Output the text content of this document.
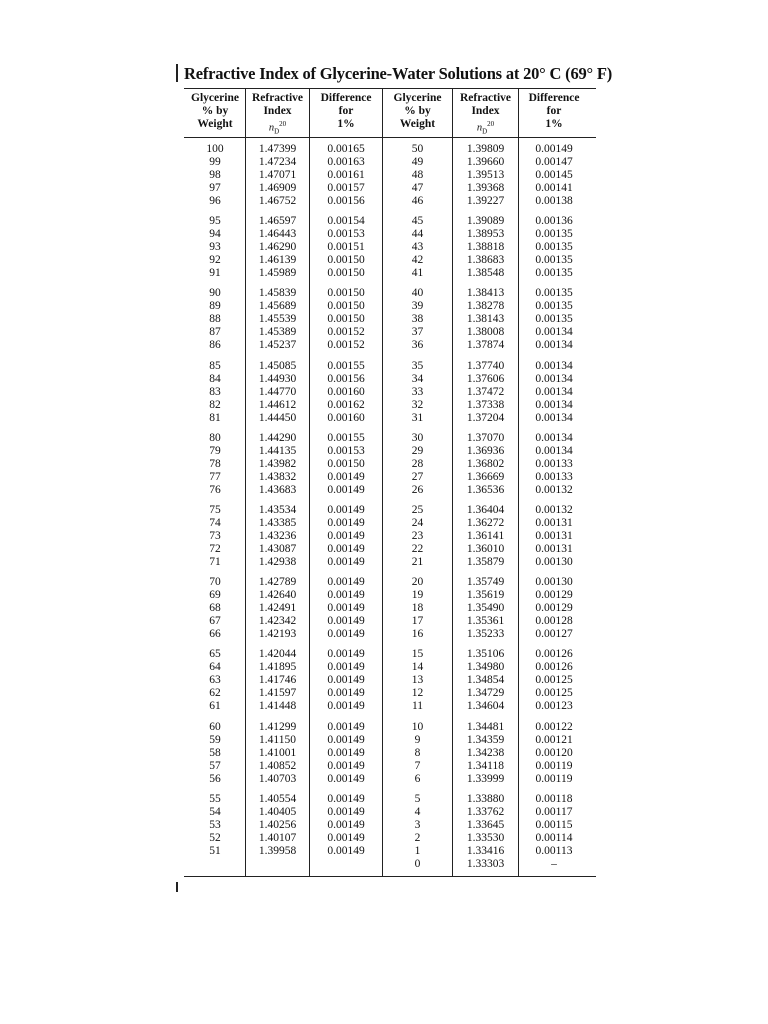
Refractive Index of Glycerine-Water Solutions at 20° C (69° F)
Glycerine
% by
Weight
Refractive
Index
$n_D^{20}$
Difference
for
1%
Glycerine
% by
Weight
Refractive
Index
$n_D^{20}$
Difference
for
1%
100
99
98
97
96
95
94
93
92
91
90
89
88
87
86
85
84
83
82
81
80
79
78
77
76
75
74
73
72
71
70
69
68
67
66
65
64
63
62
61
60
59
58
57
56
55
54
53
52
51
1.47399
1.47234
1.47071
1.46909
1.46752
1.46597
1.46443
1.46290
1.46139
1.45989
1.45839
1.45689
1.45539
1.45389
1.45237
1.45085
1.44930
1.44770
1.44612
1.44450
1.44290
1.44135
1.43982
1.43832
1.43683
1.43534
1.43385
1.43236
1.43087
1.42938
1.42789
1.42640
1.42491
1.42342
1.42193
1.42044
1.41895
1.41746
1.41597
1.41448
1.41299
1.41150
1.41001
1.40852
1.40703
1.40554
1.40405
1.40256
1.40107
1.39958
0.00165
0.00163
0.00161
0.00157
0.00156
0.00154
0.00153
0.00151
0.00150
0.00150
0.00150
0.00150
0.00150
0.00152
0.00152
0.00155
0.00156
0.00160
0.00162
0.00160
0.00155
0.00153
0.00150
0.00149
0.00149
0.00149
0.00149
0.00149
0.00149
0.00149
0.00149
0.00149
0.00149
0.00149
0.00149
0.00149
0.00149
0.00149
0.00149
0.00149
0.00149
0.00149
0.00149
0.00149
0.00149
0.00149
0.00149
0.00149
0.00149
0.00149
50
49
48
47
46
45
44
43
42
41
40
39
38
37
36
35
34
33
32
31
30
29
28
27
26
25
24
23
22
21
20
19
18
17
16
15
14
13
12
11
10
9
8
7
6
5
4
3
2
1
0
1.39809
1.39660
1.39513
1.39368
1.39227
1.39089
1.38953
1.38818
1.38683
1.38548
1.38413
1.38278
1.38143
1.38008
1.37874
1.37740
1.37606
1.37472
1.37338
1.37204
1.37070
1.36936
1.36802
1.36669
1.36536
1.36404
1.36272
1.36141
1.36010
1.35879
1.35749
1.35619
1.35490
1.35361
1.35233
1.35106
1.34980
1.34854
1.34729
1.34604
1.34481
1.34359
1.34238
1.34118
1.33999
1.33880
1.33762
1.33645
1.33530
1.33416
1.33303
0.00149
0.00147
0.00145
0.00141
0.00138
0.00136
0.00135
0.00135
0.00135
0.00135
0.00135
0.00135
0.00135
0.00134
0.00134
0.00134
0.00134
0.00134
0.00134
0.00134
0.00134
0.00134
0.00133
0.00133
0.00132
0.00132
0.00131
0.00131
0.00131
0.00130
0.00130
0.00129
0.00129
0.00128
0.00127
0.00126
0.00126
0.00125
0.00125
0.00123
0.00122
0.00121
0.00120
0.00119
0.00119
0.00118
0.00117
0.00115
0.00114
0.00113
–
